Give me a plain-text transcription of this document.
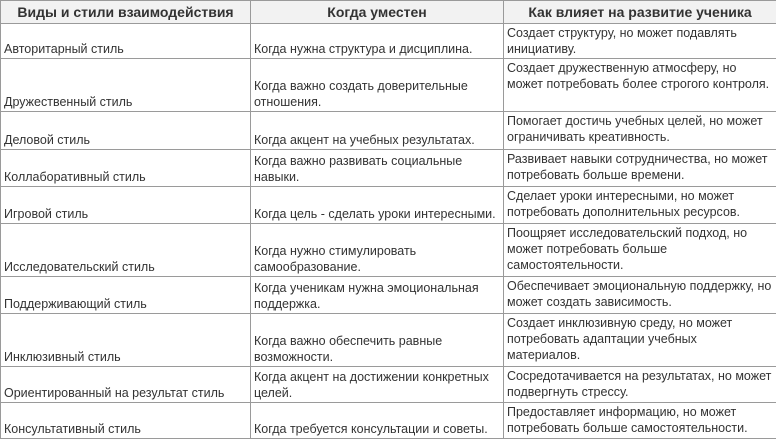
Виды и стили взаимодействия	Когда уместен	Как влияет на развитие ученика
Авторитарный стиль	Когда нужна структура и дисциплина.	Создает структуру, но может подавлять инициативу.
Дружественный стиль	Когда важно создать доверительные отношения.	Создает дружественную атмосферу, но может потребовать более строгого контроля.
Деловой стиль	Когда акцент на учебных результатах.	Помогает достичь учебных целей, но может ограничивать креативность.
Коллаборативный стиль	Когда важно развивать социальные навыки.	Развивает навыки сотрудничества, но может потребовать больше времени.
Игровой стиль	Когда цель - сделать уроки интересными.	Сделает уроки интересными, но может потребовать дополнительных ресурсов.
Исследовательский стиль	Когда нужно стимулировать самообразование.	Поощряет исследовательский подход, но может потребовать больше самостоятельности.
Поддерживающий стиль	Когда ученикам нужна эмоциональная поддержка.	Обеспечивает эмоциональную поддержку, но может создать зависимость.
Инклюзивный стиль	Когда важно обеспечить равные возможности.	Создает инклюзивную среду, но может потребовать адаптации учебных материалов.
Ориентированный на результат стиль	Когда акцент на достижении конкретных целей.	Сосредотачивается на результатах, но может подвергнуть стрессу.
Консультативный стиль	Когда требуется консультации и советы.	Предоставляет информацию, но может потребовать больше самостоятельности.
